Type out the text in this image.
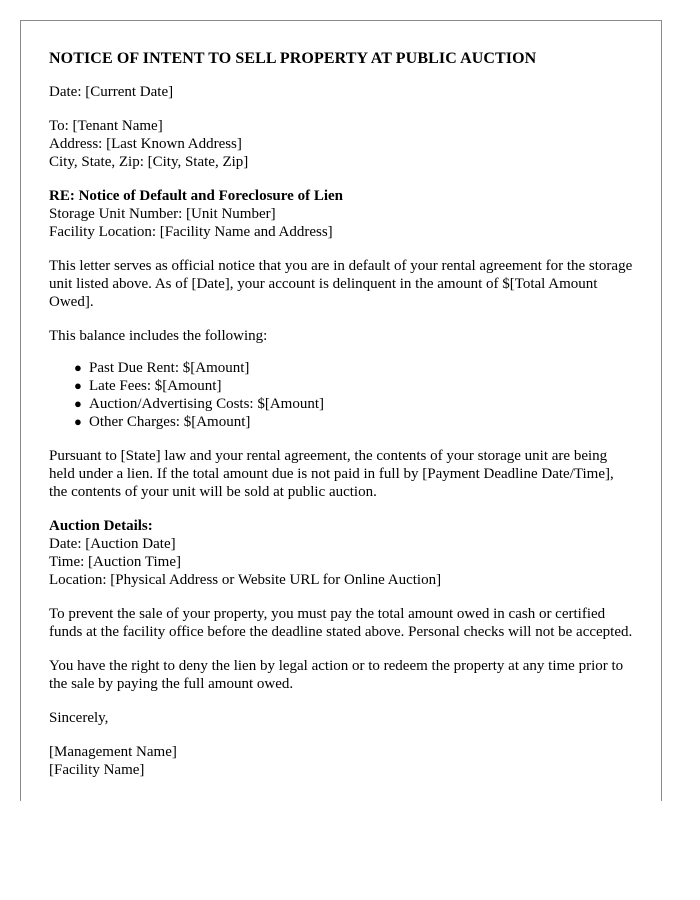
NOTICE OF INTENT TO SELL PROPERTY AT PUBLIC AUCTION

Date: [Current Date]

To: [Tenant Name]
Address: [Last Known Address]
City, State, Zip: [City, State, Zip]

RE: Notice of Default and Foreclosure of Lien
Storage Unit Number: [Unit Number]
Facility Location: [Facility Name and Address]

This letter serves as official notice that you are in default of your rental agreement for the storage unit listed above. As of [Date], your account is delinquent in the amount of $[Total Amount Owed].

This balance includes the following:

● Past Due Rent: $[Amount]
● Late Fees: $[Amount]
● Auction/Advertising Costs: $[Amount]
● Other Charges: $[Amount]

Pursuant to [State] law and your rental agreement, the contents of your storage unit are being held under a lien. If the total amount due is not paid in full by [Payment Deadline Date/Time], the contents of your unit will be sold at public auction.

Auction Details:
Date: [Auction Date]
Time: [Auction Time]
Location: [Physical Address or Website URL for Online Auction]

To prevent the sale of your property, you must pay the total amount owed in cash or certified funds at the facility office before the deadline stated above. Personal checks will not be accepted.

You have the right to deny the lien by legal action or to redeem the property at any time prior to the sale by paying the full amount owed.

Sincerely,

[Management Name]
[Facility Name]
